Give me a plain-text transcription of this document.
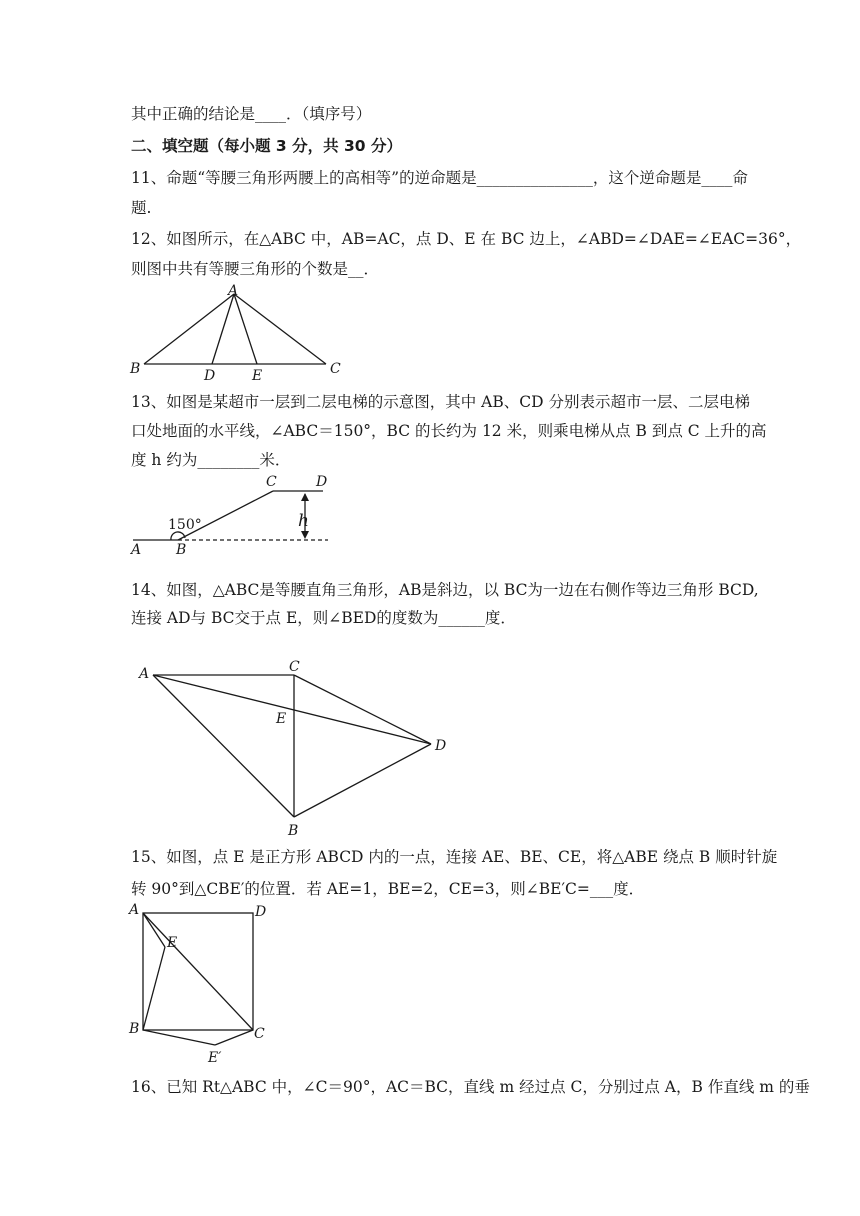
其中正确的结论是____．（填序号）
二、填空题（每小题 3 分，共 30 分）
11、命题“等腰三角形两腰上的高相等”的逆命题是_______________，这个逆命题是____命
题.
12、如图所示，在△ABC 中，AB=AC，点 D、E 在 BC 边上，∠ABD=∠DAE=∠EAC=36°，
则图中共有等腰三角形的个数是__．
A
B	C
D	E
13、如图是某超市一层到二层电梯的示意图，其中 AB、CD 分别表示超市一层、二层电梯
口处地面的水平线，∠ABC＝150°，BC 的长约为 12 米，则乘电梯从点 B 到点 C 上升的高
度 h 约为________米．
A B
C	D
h
150°
14、如图，△ABC是等腰直角三角形，AB是斜边，以 BC为一边在右侧作等边三角形 BCD,
连接 AD与 BC交于点 E，则∠BED的度数为______度．
A	C
E
D
B
15、如图，点 E 是正方形 ABCD 内的一点，连接 AE、BE、CE，将△ABE 绕点 B 顺时针旋
转 90°到△CBE′的位置．若 AE=1，BE=2，CE=3，则∠BE′C=___度．
A	D
E
B	C
E′
16、已知 Rt△ABC 中，∠C＝90°，AC＝BC，直线 m 经过点 C，分别过点 A，B 作直线 m 的垂
